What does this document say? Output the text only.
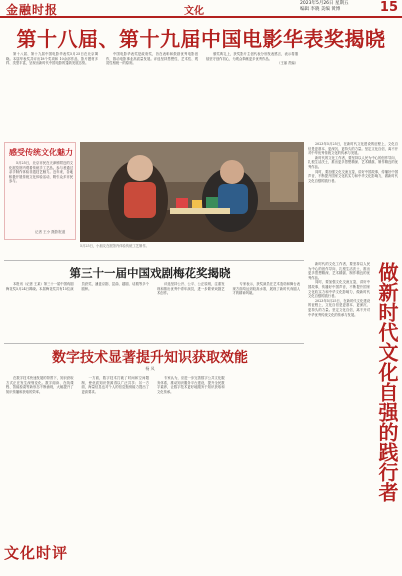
金融时报	文化
2023年5月26日 星期五
编辑 李晓 美编 黄博	15
第十八届、第十九届中国电影华表奖揭晓

第十八届、第十九届中国电影华表奖5月25日在北京揭晓。本届华表奖共评出18个奖项和 10余部作品，影片题材多样、类型丰富，呈现出新时代中国电影的蓬勃发展态势。

中国电影华表奖是政府奖，旨在表彰和鼓励优秀电影创作，推动电影事业高质量发展。评选坚持思想性、艺术性、观赏性相统一的原则。

颁奖典礼上，获奖影片主创代表分别发表感言，表示将继续坚守创作初心，为观众奉献更多优秀作品。

（王丽 责编）

感受传统文化魅力

5月25日，北京市民在天津桥附近的文化展览馆内观看传统手工艺品。参与者通过亲手制作体验非遗技艺魅力。近年来，各地积极开展传统文化体验活动，吸引众多市民参与。

记者 王小 摄影报道
5月25日，小朋友在展馆内体验传统工艺制作。

2023年5月25日，在新时代文化建设的征程上，文化自信是更基本、更深沉、更持久的力量。坚定文化自信，离不开对中华优秀传统文化的传承与发展。

新时代的文化工作者，要坚持以人民为中心的创作导向，扎根生活沃土，推出更多思想精深、艺术精湛、制作精良的优秀作品。

同时，要加强文化交流互鉴，讲好中国故事，传播好中国声音，不断提升国家文化软实力和中华文化影响力，做新时代文化自强的践行者。

做新时代文化自强的践行者

新时代的文化工作者，要坚持以人民为中心的创作导向，扎根生活沃土，推出更多思想精深、艺术精湛、制作精良的优秀作品。

同时，要加强文化交流互鉴，讲好中国故事，传播好中国声音，不断提升国家文化软实力和中华文化影响力，做新时代文化自强的践行者。

2023年5月25日，在新时代文化建设的征程上，文化自信是更基本、更深沉、更持久的力量。坚定文化自信，离不开对中华优秀传统文化的传承与发展。

第三十一届中国戏剧梅花奖揭晓

本报讯（记者 王某）第三十一届中国戏剧梅花奖5月24日揭晓。本届梅花奖共有15位演员获奖，涵盖京剧、昆曲、越剧、话剧等多个剧种。

评选坚持公开、公平、公正原则，注重发现和推出优秀中青年演员，进一步繁荣戏剧艺术创作。

专家表示，获奖演员在艺术造诣和舞台表现方面均达到较高水准，展现了新时代戏剧人才的精神风貌。

数字技术显著提升知识获取效能
杨 凤

在数字技术快速发展的背景下，知识获取方式正在发生深刻变化。数字阅读、在线课程、智能检索等新形态不断涌现，大幅提升了知识传播和获取的效率。

一方面，数字技术打破了时间和空间限制，使优质知识资源得以广泛共享；另一方面，海量信息也对个人的信息甄别能力提出了更高要求。

专家认为，应进一步完善数字公共文化服务体系，推动知识服务平台建设，提升全民数字素养，让数字技术更好地服务于知识获取和文化传承。

文化时评
